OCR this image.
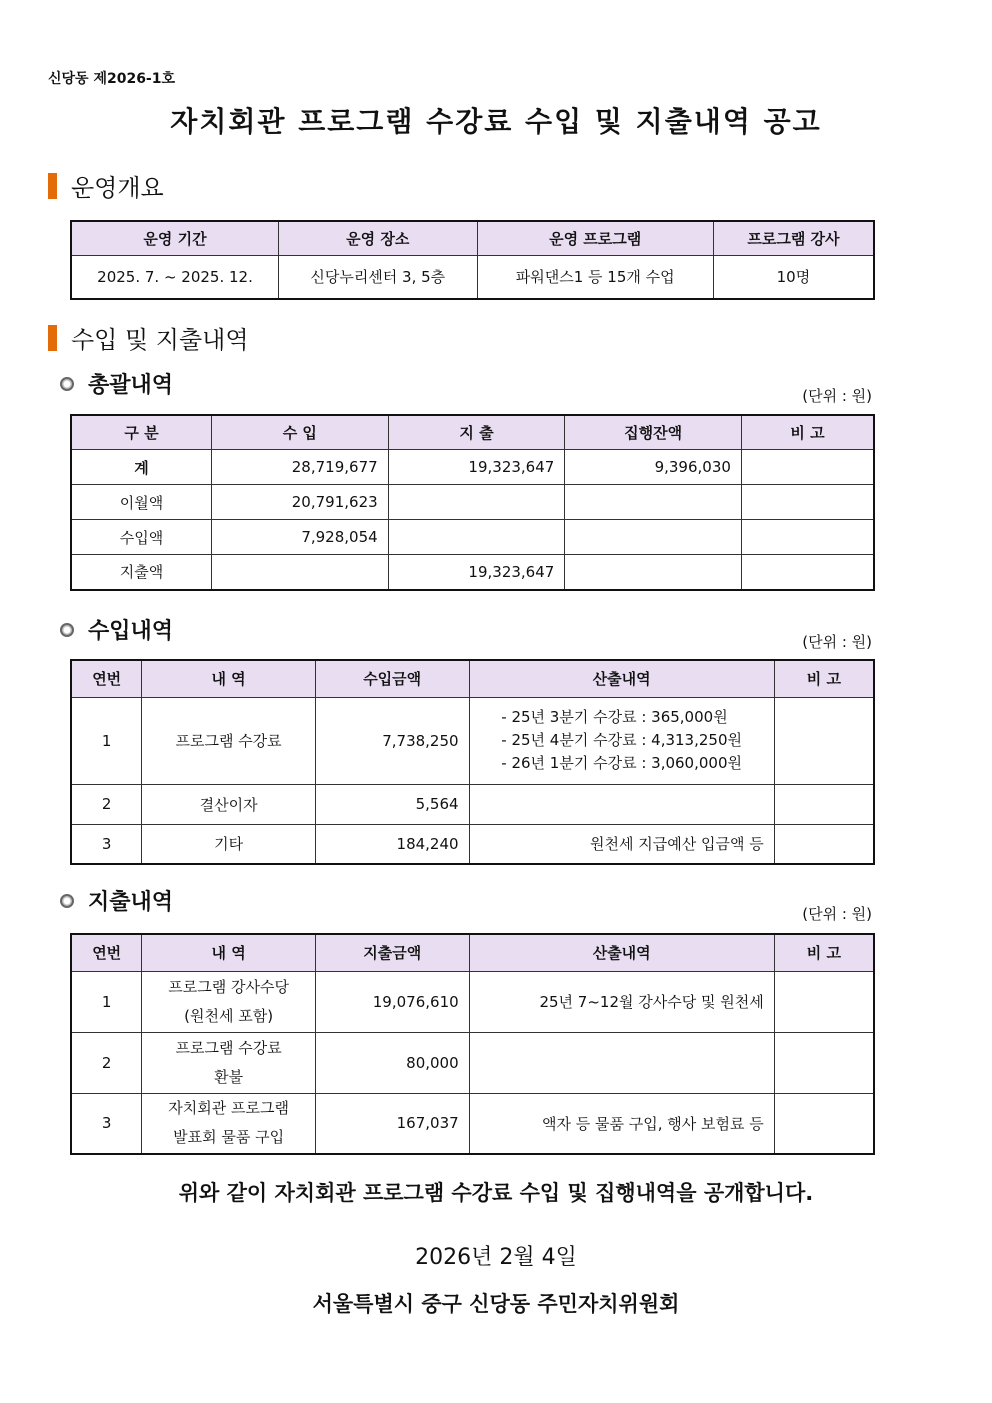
신당동 제2026-1호
자치회관 프로그램 수강료 수입 및 지출내역 공고
운영개요
운영 기간	운영 장소	운영 프로그램	프로그램 강사
2025. 7. ~ 2025. 12.	신당누리센터 3, 5층	파워댄스1 등 15개 수업	10명
수입 및 지출내역
총괄내역	(단위 : 원)
구 분	수 입	지 출	집행잔액	비 고
계	28,719,677	19,323,647	9,396,030	
이월액	20,791,623			
수입액	7,928,054			
지출액		19,323,647		
수입내역	(단위 : 원)
연번	내 역	수입금액	산출내역	비 고
1	프로그램 수강료	7,738,250	- 25년 3분기 수강료 : 365,000원
- 25년 4분기 수강료 : 4,313,250원
- 26년 1분기 수강료 : 3,060,000원	

2	결산이자	5,564		
3	기타	184,240	원천세 지급예산 입금액 등	
지출내역	(단위 : 원)
연번	내 역	지출금액	산출내역	비 고
1	프로그램 강사수당
(원천세 포함)	19,076,610	25년 7~12월 강사수당 및 원천세	
2	프로그램 수강료
환불	80,000		
3	자치회관 프로그램
발표회 물품 구입	167,037	액자 등 물품 구입, 행사 보험료 등	
위와 같이 자치회관 프로그램 수강료 수입 및 집행내역을 공개합니다.
2026년 2월 4일
서울특별시 중구 신당동 주민자치위원회
